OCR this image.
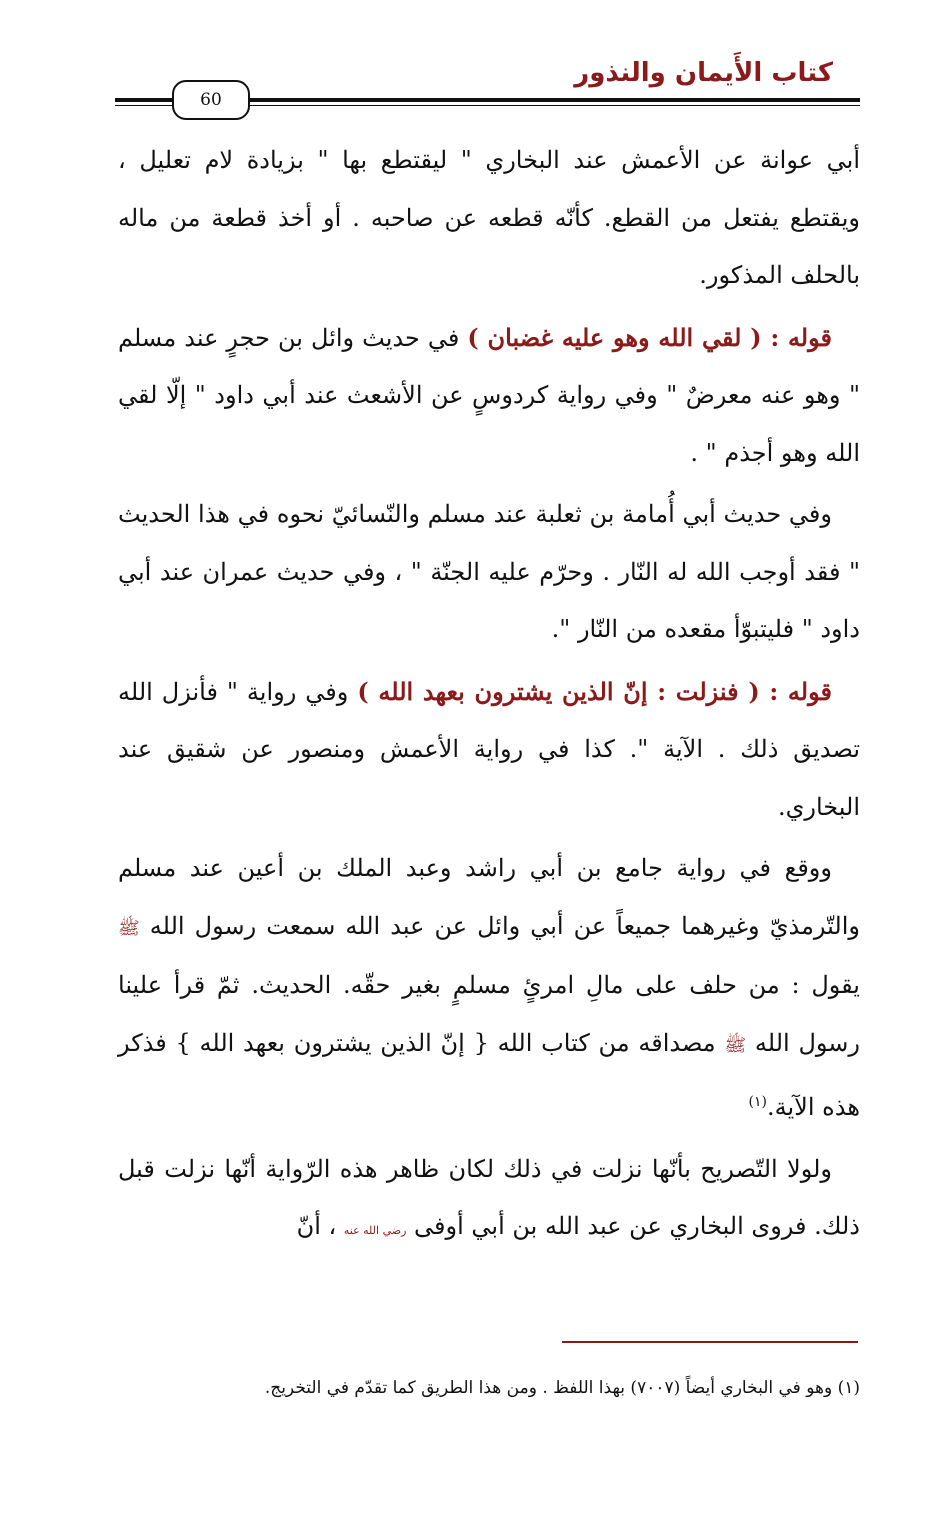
كتاب الأَيمان والنذور
60

أبي عوانة عن الأعمش عند البخاري " ليقتطع بها " بزيادة لام تعليل ، ويقتطع يفتعل من القطع. كأنّه قطعه عن صاحبه . أو أخذ قطعة من ماله بالحلف المذكور.

قوله : ( لقي الله وهو عليه غضبان ) في حديث وائل بن حجرٍ عند مسلم " وهو عنه معرضٌ " وفي رواية كردوسٍ عن الأشعث عند أبي داود " إلّا لقي الله وهو أجذم " .

وفي حديث أبي أُمامة بن ثعلبة عند مسلم والنّسائيّ نحوه في هذا الحديث " فقد أوجب الله له النّار . وحرّم عليه الجنّة " ، وفي حديث عمران عند أبي داود " فليتبوّأ مقعده من النّار ".

قوله : ( فنزلت : إنّ الذين يشترون بعهد الله ) وفي رواية " فأنزل الله تصديق ذلك . الآية ". كذا في رواية الأعمش ومنصور عن شقيق عند البخاري.

ووقع في رواية جامع بن أبي راشد وعبد الملك بن أعين عند مسلم والتّرمذيّ وغيرهما جميعاً عن أبي وائل عن عبد الله سمعت رسول الله ﷺ يقول : من حلف على مالِ امرئٍ مسلمٍ بغير حقّه. الحديث. ثمّ قرأ علينا رسول الله ﷺ مصداقه من كتاب الله { إنّ الذين يشترون بعهد الله } فذكر هذه الآية.$^{(١)}$

ولولا التّصريح بأنّها نزلت في ذلك لكان ظاهر هذه الرّواية أنّها نزلت قبل ذلك. فروى البخاري عن عبد الله بن أبي أوفى رضي الله عنه ، أنّ

(١) وهو في البخاري أيضاً (٧٠٠٧) بهذا اللفظ . ومن هذا الطريق كما تقدّم في التخريج.
